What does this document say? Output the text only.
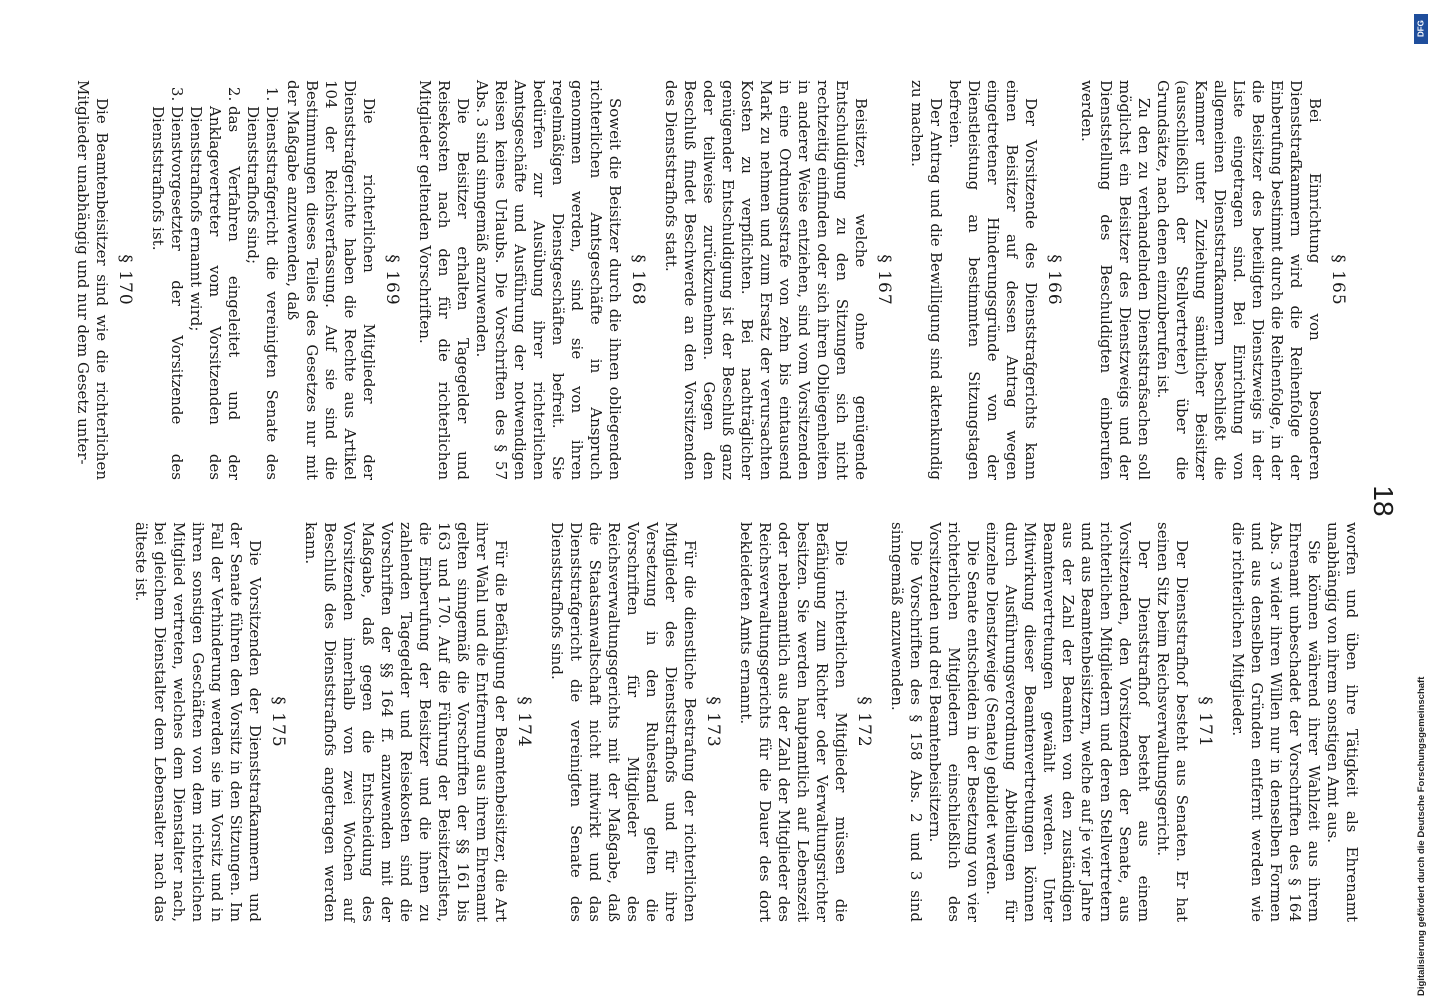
18
§ 165

Bei Einrichtung von besonderen Dienststrafkammern wird die Reihenfolge der Einberufung bestimmt durch die Reihenfolge, in der die Beisitzer des beteiligten Dienstzweigs in der Liste eingetragen sind. Bei Einrichtung von allgemeinen Dienststrafkammern beschließt die Kammer unter Zuziehung sämtlicher Beisitzer (ausschließlich der Stellvertreter) über die Grundsätze, nach denen einzuberufen ist.

Zu den zu verhandelnden Dienststrafsachen soll möglichst ein Beisitzer des Dienstzweigs und der Dienststellung des Beschuldigten einberufen werden.

§ 166

Der Vorsitzende des Dienststrafgerichts kann einen Beisitzer auf dessen Antrag wegen eingetretener Hinderungsgründe von der Dienstleistung an bestimmten Sitzungstagen befreien.

Der Antrag und die Bewilligung sind aktenkundig zu machen.

§ 167

Beisitzer, welche ohne genügende Entschuldigung zu den Sitzungen sich nicht rechtzeitig einfinden oder sich ihren Obliegenheiten in anderer Weise entziehen, sind vom Vorsitzenden in eine Ordnungsstrafe von zehn bis eintausend Mark zu nehmen und zum Ersatz der verursachten Kosten zu verpflichten. Bei nachträglicher genügender Entschuldigung ist der Beschluß ganz oder teilweise zurückzunehmen. Gegen den Beschluß findet Beschwerde an den Vorsitzenden des Dienststrafhofs statt.

§ 168

Soweit die Beisitzer durch die ihnen obliegenden richterlichen Amtsgeschäfte in Anspruch genommen werden, sind sie von ihren regelmäßigen Dienstgeschäften befreit. Sie bedürfen zur Ausübung ihrer richterlichen Amtsgeschäfte und Ausführung der notwendigen Reisen keines Urlaubs. Die Vorschriften des § 57 Abs. 3 sind sinngemäß anzuwenden.

Die Beisitzer erhalten Tagegelder und Reisekosten nach den für die richterlichen Mitglieder geltenden Vorschriften.

§ 169

Die richterlichen Mitglieder der Dienststrafgerichte haben die Rechte aus Artikel 104 der Reichsverfassung. Auf sie sind die Bestimmungen dieses Teiles des Gesetzes nur mit der Maßgabe anzuwenden, daß

1. Dienststrafgericht die vereinigten Senate des Dienststrafhofs sind;
2. das Verfahren eingeleitet und der Anklagevertreter vom Vorsitzenden des Dienststrafhofs ernannt wird;
3. Dienstvorgesetzter der Vorsitzende des Dienststrafhofs ist.
§ 170

Die Beamtenbeisitzer sind wie die richterlichen Mitglieder unabhängig und nur dem Gesetz unter-

worfen und üben ihre Tätigkeit als Ehrenamt unabhängig von ihrem sonstigen Amt aus.

Sie können während ihrer Wahlzeit aus ihrem Ehrenamt unbeschadet der Vorschriften des § 164 Abs. 3 wider ihren Willen nur in denselben Formen und aus denselben Gründen entfernt werden wie die richterlichen Mitglieder.

§ 171

Der Dienststrafhof besteht aus Senaten. Er hat seinen Sitz beim Reichsverwaltungsgericht.

Der Dienststrafhof besteht aus einem Vorsitzenden, den Vorsitzenden der Senate, aus richterlichen Mitgliedern und deren Stellvertretern und aus Beamtenbeisitzern, welche auf je vier Jahre aus der Zahl der Beamten von den zuständigen Beamtenvertretungen gewählt werden. Unter Mitwirkung dieser Beamtenvertretungen können durch Ausführungsverordnung Abteilungen für einzelne Dienstzweige (Senate) gebildet werden.

Die Senate entscheiden in der Besetzung von vier richterlichen Mitgliedern einschließlich des Vorsitzenden und drei Beamtenbeisitzern.

Die Vorschriften des § 158 Abs. 2 und 3 sind sinngemäß anzuwenden.

§ 172

Die richterlichen Mitglieder müssen die Befähigung zum Richter oder Verwaltungsrichter besitzen. Sie werden hauptamtlich auf Lebenszeit oder nebenamtlich aus der Zahl der Mitglieder des Reichsverwaltungsgerichts für die Dauer des dort bekleideten Amts ernannt.

§ 173

Für die dienstliche Bestrafung der richterlichen Mitglieder des Dienststrafhofs und für ihre Versetzung in den Ruhestand gelten die Vorschriften für Mitglieder des Reichsverwaltungsgerichts mit der Maßgabe, daß die Staatsanwaltschaft nicht mitwirkt und das Dienststrafgericht die vereinigten Senate des Dienststrafhofs sind.

§ 174

Für die Befähigung der Beamtenbeisitzer, die Art ihrer Wahl und die Entfernung aus ihrem Ehrenamt gelten sinngemäß die Vorschriften der §§ 161 bis 163 und 170. Auf die Führung der Beisitzerlisten, die Einberufung der Beisitzer und die ihnen zu zahlenden Tagegelder und Reisekosten sind die Vorschriften der §§ 164 ff. anzuwenden mit der Maßgabe, daß gegen die Entscheidung des Vorsitzenden innerhalb von zwei Wochen auf Beschluß des Dienststrafhofs angetragen werden kann.

§ 175

Die Vorsitzenden der Dienststrafkammern und der Senate führen den Vorsitz in den Sitzungen. Im Fall der Verhinderung werden sie im Vorsitz und in ihren sonstigen Geschäften von dem richterlichen Mitglied vertreten, welches dem Dienstalter nach, bei gleichem Dienstalter dem Lebensalter nach das älteste ist.

DFG
Digitalisierung gefördert durch die Deutsche Forschungsgemeinschaft
